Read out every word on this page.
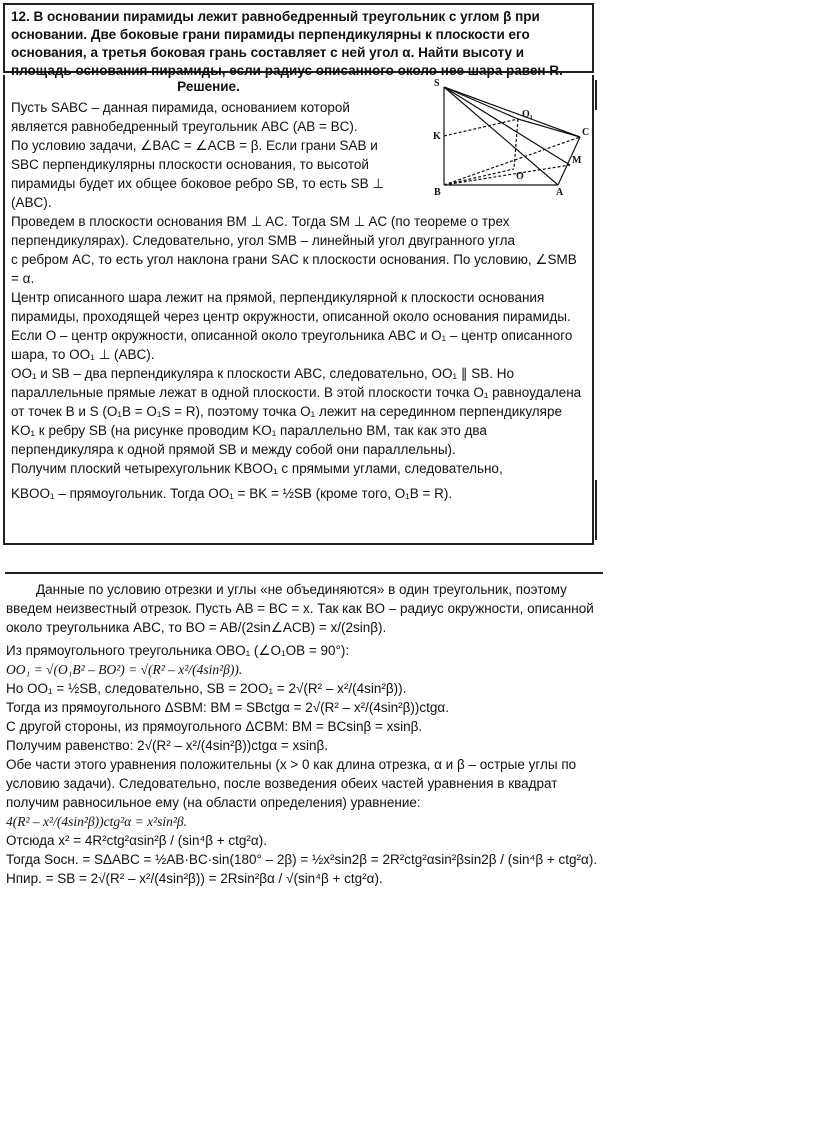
12. В основании пирамиды лежит равнобедренный треугольник с углом β при основании. Две боковые грани пирамиды перпендикулярны к плоскости его основания, а третья боковая грань составляет с ней угол α. Найти высоту и площадь основания пирамиды, если радиус описанного около нее шара равен R.
Решение.	S
O₁
C
K
M
B	A
O

Пусть SABC – данная пирамида, основанием которой является равнобедренный треугольник ABC (AB = BC).

По условию задачи, ∠BAC = ∠ACB = β. Если грани SAB и SBC перпендикулярны плоскости основания, то высотой пирамиды будет их общее боковое ребро SB, то есть SB ⊥ (ABC).

Проведем в плоскости основания BM ⊥ AC. Тогда SM ⊥ AC (по теореме о трех перпендикулярах). Следовательно, угол SMB – линейный угол двугранного угла

с ребром AC, то есть угол наклона грани SAC к плоскости основания. По условию, ∠SMB = α.

Центр описанного шара лежит на прямой, перпендикулярной к плоскости основания пирамиды, проходящей через центр окружности, описанной около основания пирамиды. Если O – центр окружности, описанной около треугольника ABC и O₁ – центр описанного шара, то OO₁ ⊥ (ABC).

OO₁ и SB – два перпендикуляра к плоскости ABC, следовательно, OO₁ ∥ SB. Но параллельные прямые лежат в одной плоскости. В этой плоскости точка O₁ равноудалена от точек B и S (O₁B = O₁S = R), поэтому точка O₁ лежит на серединном перпендикуляре KO₁ к ребру SB (на рисунке проводим KO₁ параллельно BM, так как это два перпендикуляра к одной прямой SB и между собой они параллельны).

Получим плоский четырехугольник KBOO₁ с прямыми углами, следовательно,

KBOO₁ – прямоугольник. Тогда OO₁ = BK = ½SB (кроме того, O₁B = R).

Данные по условию отрезки и углы «не объединяются» в один треугольник, поэтому введем неизвестный отрезок. Пусть AB = BC = x. Так как BO – радиус окружности, описанной около треугольника ABC, то BO = AB/(2sin∠ACB) = x/(2sinβ).

Из прямоугольного треугольника OBO₁ (∠O₁OB = 90°):

OO₁ = √(O₁B² – BO²) = √(R² – x²/(4sin²β)).

Но OO₁ = ½SB, следовательно, SB = 2OO₁ = 2√(R² – x²/(4sin²β)).

Тогда из прямоугольного ΔSBM: BM = SBctgα = 2√(R² – x²/(4sin²β))ctgα.

С другой стороны, из прямоугольного ΔCBM: BM = BCsinβ = xsinβ.

Получим равенство: 2√(R² – x²/(4sin²β))ctgα = xsinβ.

Обе части этого уравнения положительны (x > 0 как длина отрезка, α и β – острые углы по условию задачи). Следовательно, после возведения обеих частей уравнения в квадрат получим равносильное ему (на области определения) уравнение:

4(R² – x²/(4sin²β))ctg²α = x²sin²β.

Отсюда x² = 4R²ctg²αsin²β / (sin⁴β + ctg²α).

Тогда Sосн. = SΔABC = ½AB·BC·sin(180° – 2β) = ½x²sin2β = 2R²ctg²αsin²βsin2β / (sin⁴β + ctg²α).

Hпир. = SB = 2√(R² – x²/(4sin²β)) = 2Rsin²βα / √(sin⁴β + ctg²α).
